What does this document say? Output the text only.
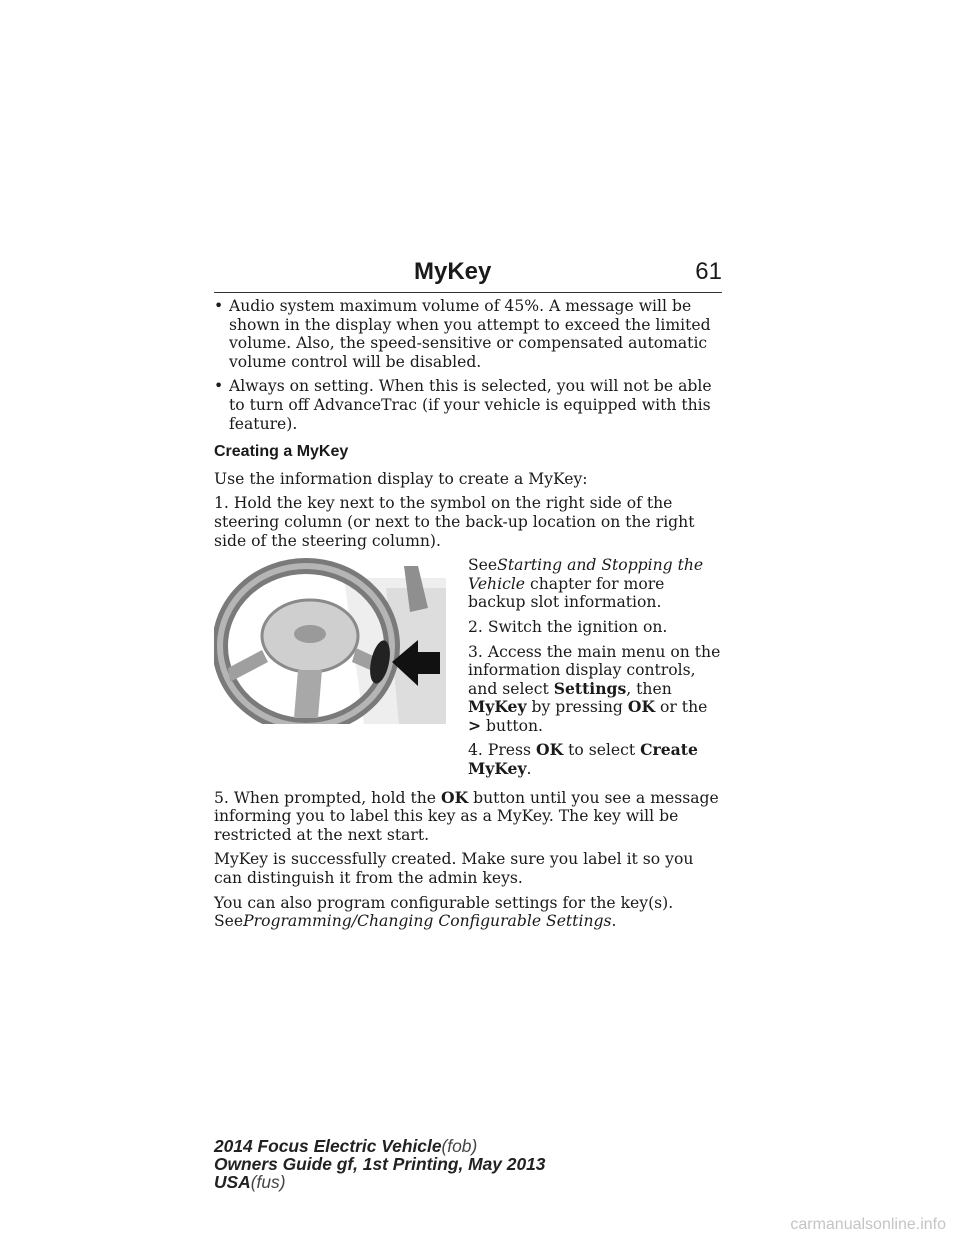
MyKey	61
• Audio system maximum volume of 45%. A message will be shown in the display when you attempt to exceed the limited volume. Also, the speed-sensitive or compensated automatic volume control will be disabled.
• Always on setting. When this is selected, you will not be able to turn off AdvanceTrac (if your vehicle is equipped with this feature).
Creating a MyKey

Use the information display to create a MyKey:

1. Hold the key next to the symbol on the right side of the steering column (or next to the back-up location on the right side of the steering column).

SeeStarting and Stopping the Vehicle chapter for more backup slot information.

2. Switch the ignition on.

3. Access the main menu on the information display controls, and select Settings, then MyKey by pressing OK or the > button.

4. Press OK to select Create MyKey.

5. When prompted, hold the OK button until you see a message informing you to label this key as a MyKey. The key will be restricted at the next start.

MyKey is successfully created. Make sure you label it so you can distinguish it from the admin keys.

You can also program configurable settings for the key(s).

SeeProgramming/Changing Configurable Settings.

2014 Focus Electric Vehicle(fob)
Owners Guide gf, 1st Printing, May 2013
USA(fus)
carmanualsonline.info
